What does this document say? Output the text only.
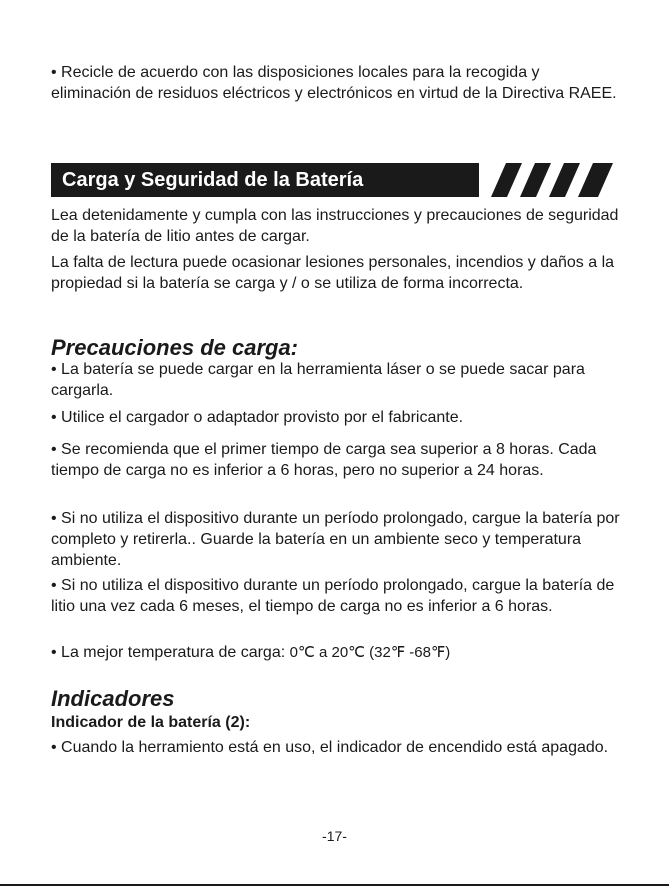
• Recicle de acuerdo con las disposiciones locales para la recogida y eliminación de residuos eléctricos y electrónicos en virtud de la Directiva RAEE.

Carga y Seguridad de la Batería

Lea detenidamente y cumpla con las instrucciones y precauciones de seguridad de la batería de litio antes de cargar.

La falta de lectura puede ocasionar lesiones personales, incendios y daños a la propiedad si la batería se carga y / o se utiliza de forma incorrecta.

Precauciones de carga:

• La batería se puede cargar en la herramienta láser o se puede sacar para cargarla.

• Utilice el cargador o adaptador provisto por el fabricante.

• Se recomienda que el primer tiempo de carga sea superior a 8 horas. Cada tiempo de carga no es inferior a 6 horas, pero no superior a 24 horas.

• Si no utiliza el dispositivo durante un período prolongado, cargue la batería por completo y retirerla.. Guarde la batería en un ambiente seco y temperatura ambiente.

• Si no utiliza el dispositivo durante un período prolongado, cargue la batería de litio una vez cada 6 meses, el tiempo de carga no es inferior a 6 horas.

• La mejor temperatura de carga: 0℃ a 20℃ (32℉ -68℉)

Indicadores
Indicador de la batería (2):

• Cuando la herramiento está en uso, el indicador de encendido está apagado.

-17-
